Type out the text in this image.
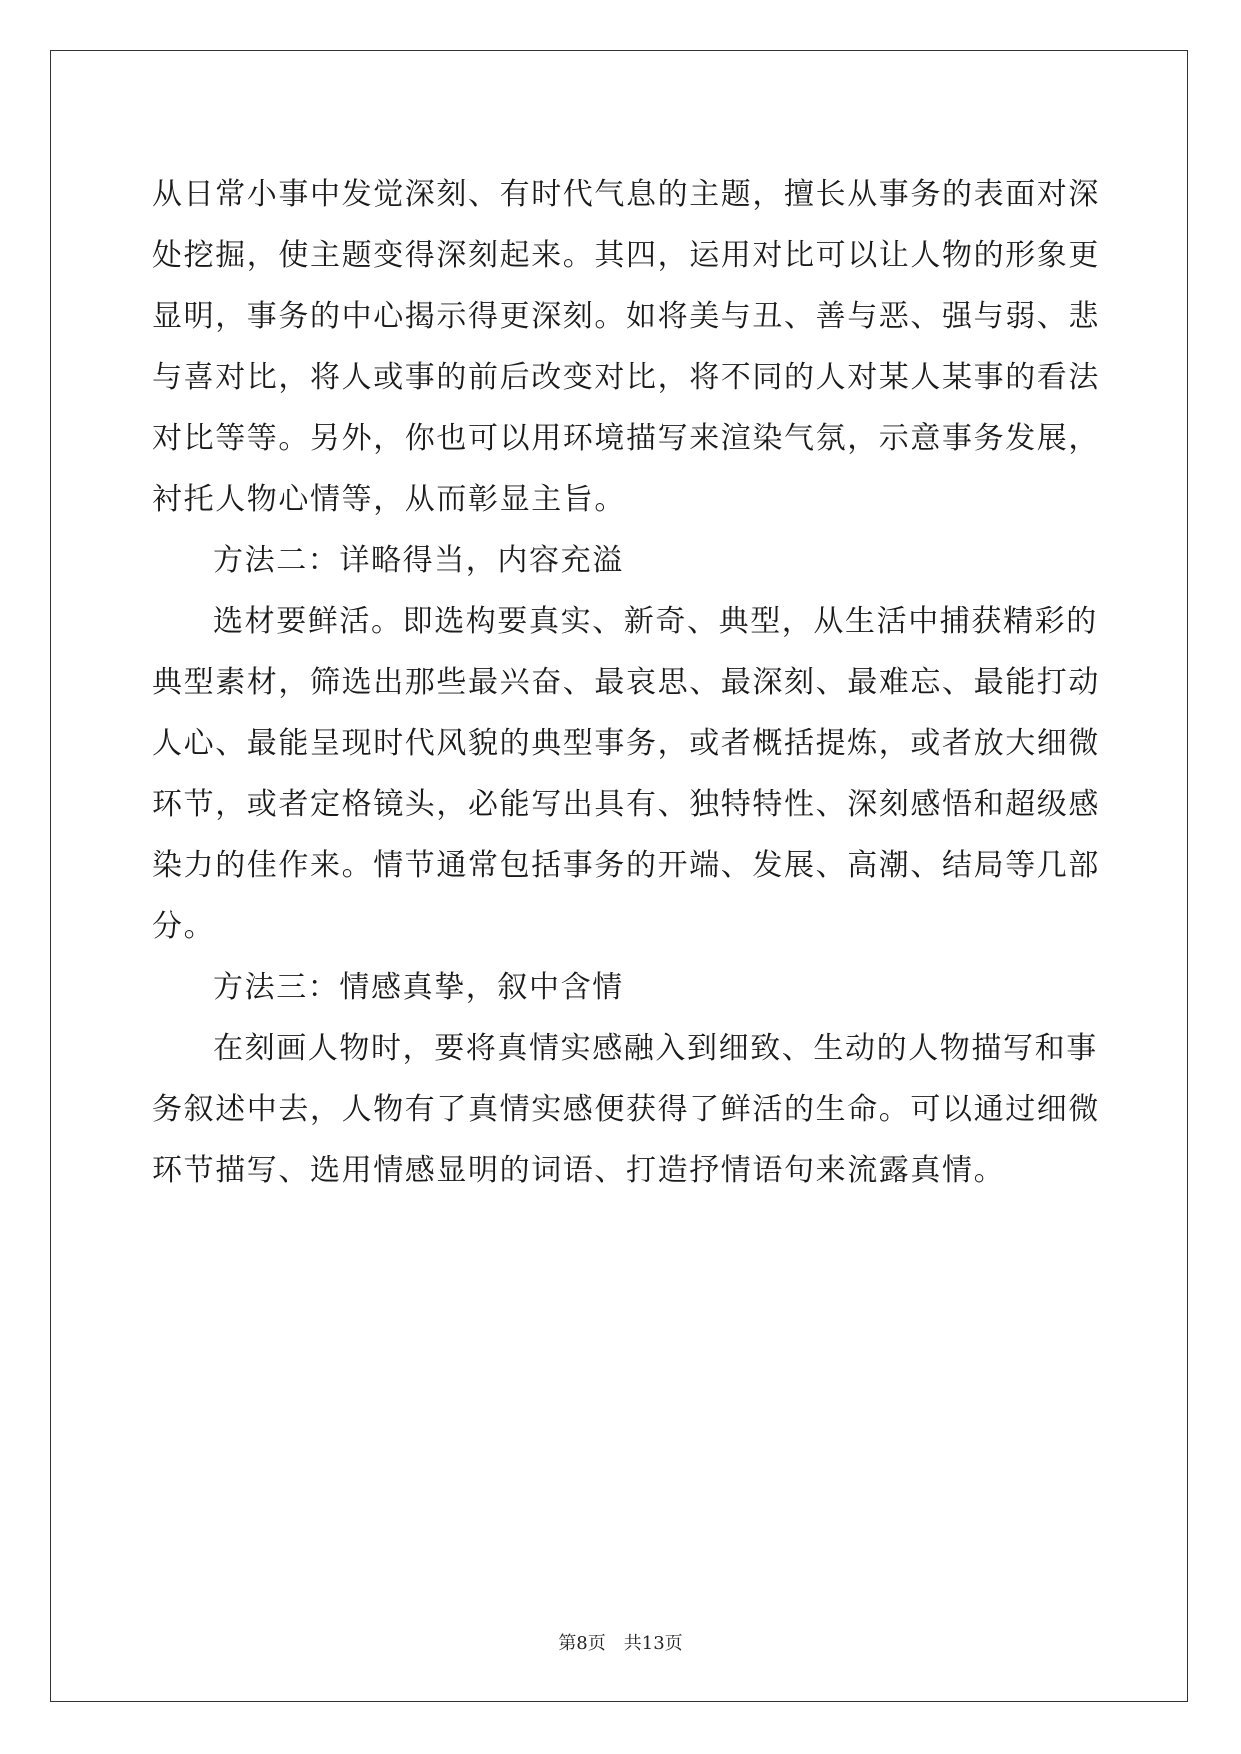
从日常小事中发觉深刻、有时代气息的主题，擅长从事务的表面对深
处挖掘，使主题变得深刻起来。其四，运用对比可以让人物的形象更
显明，事务的中心揭示得更深刻。如将美与丑、善与恶、强与弱、悲
与喜对比，将人或事的前后改变对比，将不同的人对某人某事的看法
对比等等。另外，你也可以用环境描写来渲染气氛，示意事务发展，
衬托人物心情等，从而彰显主旨。
方法二：详略得当，内容充溢
选材要鲜活。即选构要真实、新奇、典型，从生活中捕获精彩的
典型素材，筛选出那些最兴奋、最哀思、最深刻、最难忘、最能打动
人心、最能呈现时代风貌的典型事务，或者概括提炼，或者放大细微
环节，或者定格镜头，必能写出具有、独特特性、深刻感悟和超级感
染力的佳作来。情节通常包括事务的开端、发展、高潮、结局等几部
分。
方法三：情感真挚，叙中含情
在刻画人物时，要将真情实感融入到细致、生动的人物描写和事
务叙述中去，人物有了真情实感便获得了鲜活的生命。可以通过细微
环节描写、选用情感显明的词语、打造抒情语句来流露真情。
第8页 共13页
